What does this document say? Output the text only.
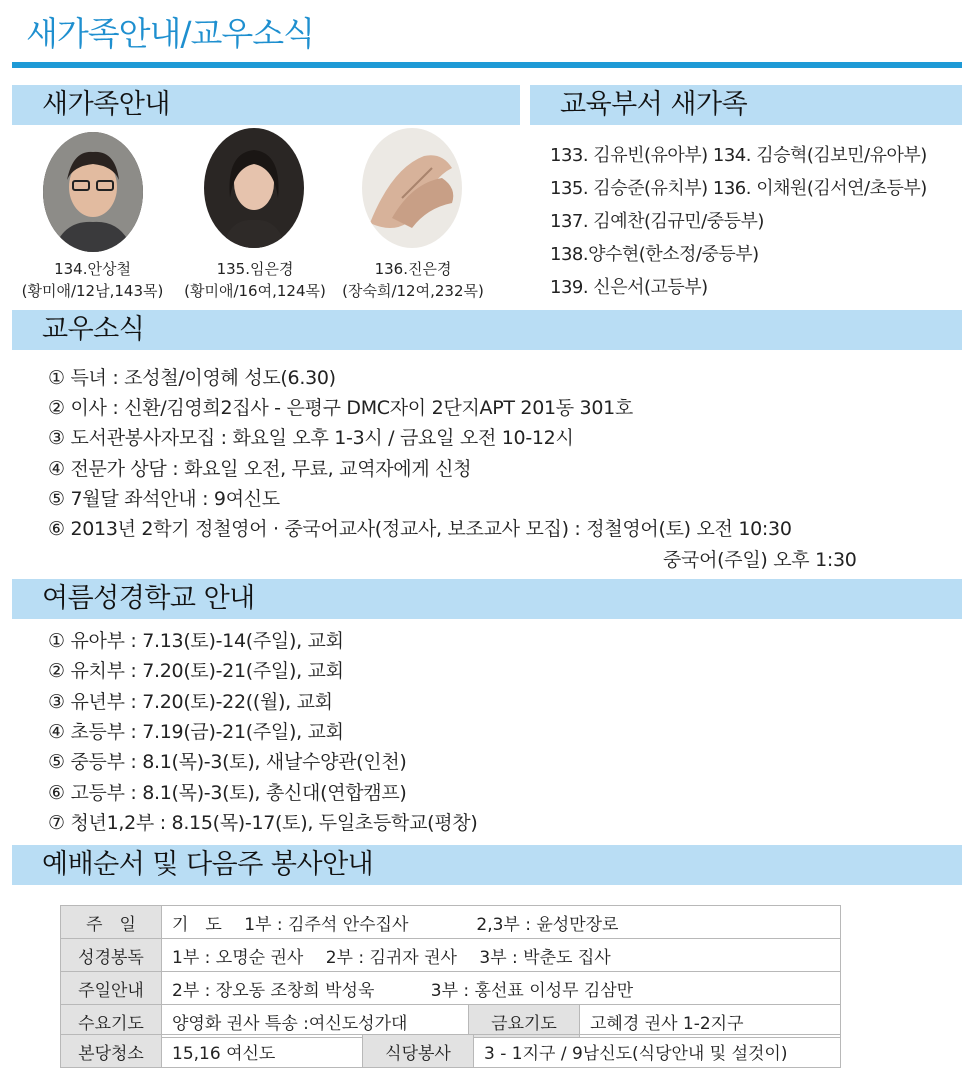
새가족안내/교우소식
새가족안내	교육부서 새가족
134.안상철
(황미애/12남,143목)
135.임은경
(황미애/16여,124목)
136.진은경
(장숙희/12여,232목)
133. 김유빈(유아부) 134. 김승혁(김보민/유아부)
135. 김승준(유치부) 136. 이채원(김서연/초등부)
137. 김예찬(김규민/중등부)
138.양수현(한소정/중등부)
139. 신은서(고등부)
교우소식
① 득녀 : 조성철/이영혜 성도(6.30)
② 이사 : 신환/김영희2집사 - 은평구 DMC자이 2단지APT 201동 301호
③ 도서관봉사자모집 : 화요일 오후 1-3시 / 금요일 오전 10-12시
④ 전문가 상담 : 화요일 오전, 무료, 교역자에게 신청
⑤ 7월달 좌석안내 : 9여신도
⑥ 2013년 2학기 정철영어 · 중국어교사(정교사, 보조교사 모집) : 정철영어(토) 오전 10:30
중국어(주일) 오후 1:30
여름성경학교 안내
① 유아부 : 7.13(토)-14(주일), 교회
② 유치부 : 7.20(토)-21(주일), 교회
③ 유년부 : 7.20(토)-22((월), 교회
④ 초등부 : 7.19(금)-21(주일), 교회
⑤ 중등부 : 8.1(목)-3(토), 새날수양관(인천)
⑥ 고등부 : 8.1(목)-3(토), 총신대(연합캠프)
⑦ 청년1,2부 : 8.15(목)-17(토), 두일초등학교(평창)
예배순서 및 다음주 봉사안내
주　일	기　도　 1부 : 김주석 안수집사　　　　2,3부 : 윤성만장로		
성경봉독	1부 : 오명순 권사　 2부 : 김귀자 권사　 3부 : 박춘도 집사		
주일안내	2부 : 장오동 조창희 박성욱　　　 3부 : 홍선표 이성무 김삼만		
수요기도	양영화 권사 특송 :여신도성가대	금요기도	고혜경 권사 1-2지구
본당청소	15,16 여신도	식당봉사	3 - 1지구 / 9남신도(식당안내 및 설것이)
